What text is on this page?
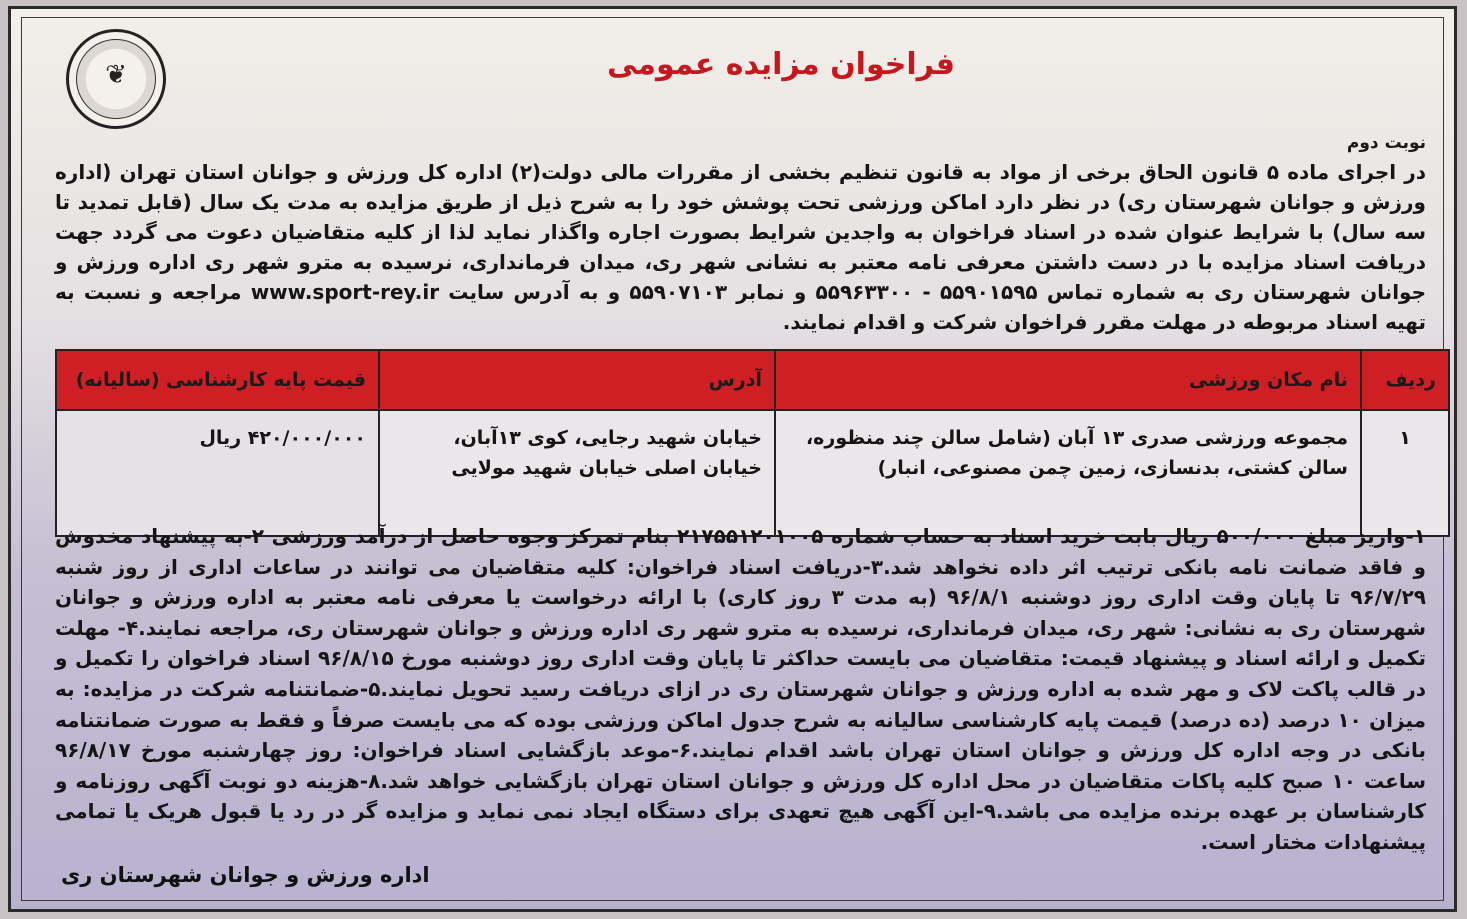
❦	فراخوان مزایده عمومی
نوبت دوم
در اجرای ماده ۵ قانون الحاق برخی از مواد به قانون تنظیم بخشی از مقررات مالی دولت(۲) اداره کل ورزش و جوانان استان تهران (اداره ورزش و جوانان شهرستان ری) در نظر دارد اماکن ورزشی تحت پوشش خود را به شرح ذیل از طریق مزایده به مدت یک سال (قابل تمدید تا سه سال) با شرایط عنوان شده در اسناد فراخوان به واجدین شرایط بصورت اجاره واگذار نماید لذا از کلیه متقاضیان دعوت می گردد جهت دریافت اسناد مزایده با در دست داشتن معرفی نامه معتبر به نشانی شهر ری، میدان فرمانداری، نرسیده به مترو شهر ری اداره ورزش و جوانان شهرستان ری به شماره تماس ۵۵۹۰۱۵۹۵ - ۵۵۹۶۳۳۰۰ و نمابر ۵۵۹۰۷۱۰۳ و به آدرس سایت www.sport-rey.ir مراجعه و نسبت به تهیه اسناد مربوطه در مهلت مقرر فراخوان شرکت و اقدام نمایند.
ردیف	نام مکان ورزشی	آدرس	قیمت پایه کارشناسی (سالیانه)
۱	مجموعه ورزشی صدری ۱۳ آبان (شامل سالن چند منظوره، سالن کشتی، بدنسازی، زمین چمن مصنوعی، انبار)	خیابان شهید رجایی، کوی ۱۳آبان، خیابان اصلی خیابان شهید مولایی	۴۲۰/۰۰۰/۰۰۰ ریال
۱-واریز مبلغ ۵۰۰/۰۰۰ ریال بابت خرید اسناد به حساب شماره ۲۱۷۵۵۱۲۰۱۰۰۵ بنام تمرکز وجوه حاصل از درآمد ورزشی ۲-به پیشنهاد مخدوش و فاقد ضمانت نامه بانکی ترتیب اثر داده نخواهد شد.۳-دریافت اسناد فراخوان: کلیه متقاضیان می توانند در ساعات اداری از روز شنبه ۹۶/۷/۲۹ تا پایان وقت اداری روز دوشنبه ۹۶/۸/۱ (به مدت ۳ روز کاری) با ارائه درخواست یا معرفی نامه معتبر به اداره ورزش و جوانان شهرستان ری به نشانی: شهر ری، میدان فرمانداری، نرسیده به مترو شهر ری اداره ورزش و جوانان شهرستان ری، مراجعه نمایند.۴- مهلت تکمیل و ارائه اسناد و پیشنهاد قیمت: متقاضیان می بایست حداکثر تا پایان وقت اداری روز دوشنبه مورخ ۹۶/۸/۱۵ اسناد فراخوان را تکمیل و در قالب پاکت لاک و مهر شده به اداره ورزش و جوانان شهرستان ری در ازای دریافت رسید تحویل نمایند.۵-ضمانتنامه شرکت در مزایده: به میزان ۱۰ درصد (ده درصد) قیمت پایه کارشناسی سالیانه به شرح جدول اماکن ورزشی بوده که می بایست صرفاً و فقط به صورت ضمانتنامه بانکی در وجه اداره کل ورزش و جوانان استان تهران باشد اقدام نمایند.۶-موعد بازگشایی اسناد فراخوان: روز چهارشنبه مورخ ۹۶/۸/۱۷ ساعت ۱۰ صبح کلیه پاکات متقاضیان در محل اداره کل ورزش و جوانان استان تهران بازگشایی خواهد شد.۸-هزینه دو نوبت آگهی روزنامه و کارشناسان بر عهده برنده مزایده می باشد.۹-این آگهی هیچ تعهدی برای دستگاه ایجاد نمی نماید و مزایده گر در رد یا قبول هریک یا تمامی پیشنهادات مختار است.
اداره ورزش و جوانان شهرستان ری
